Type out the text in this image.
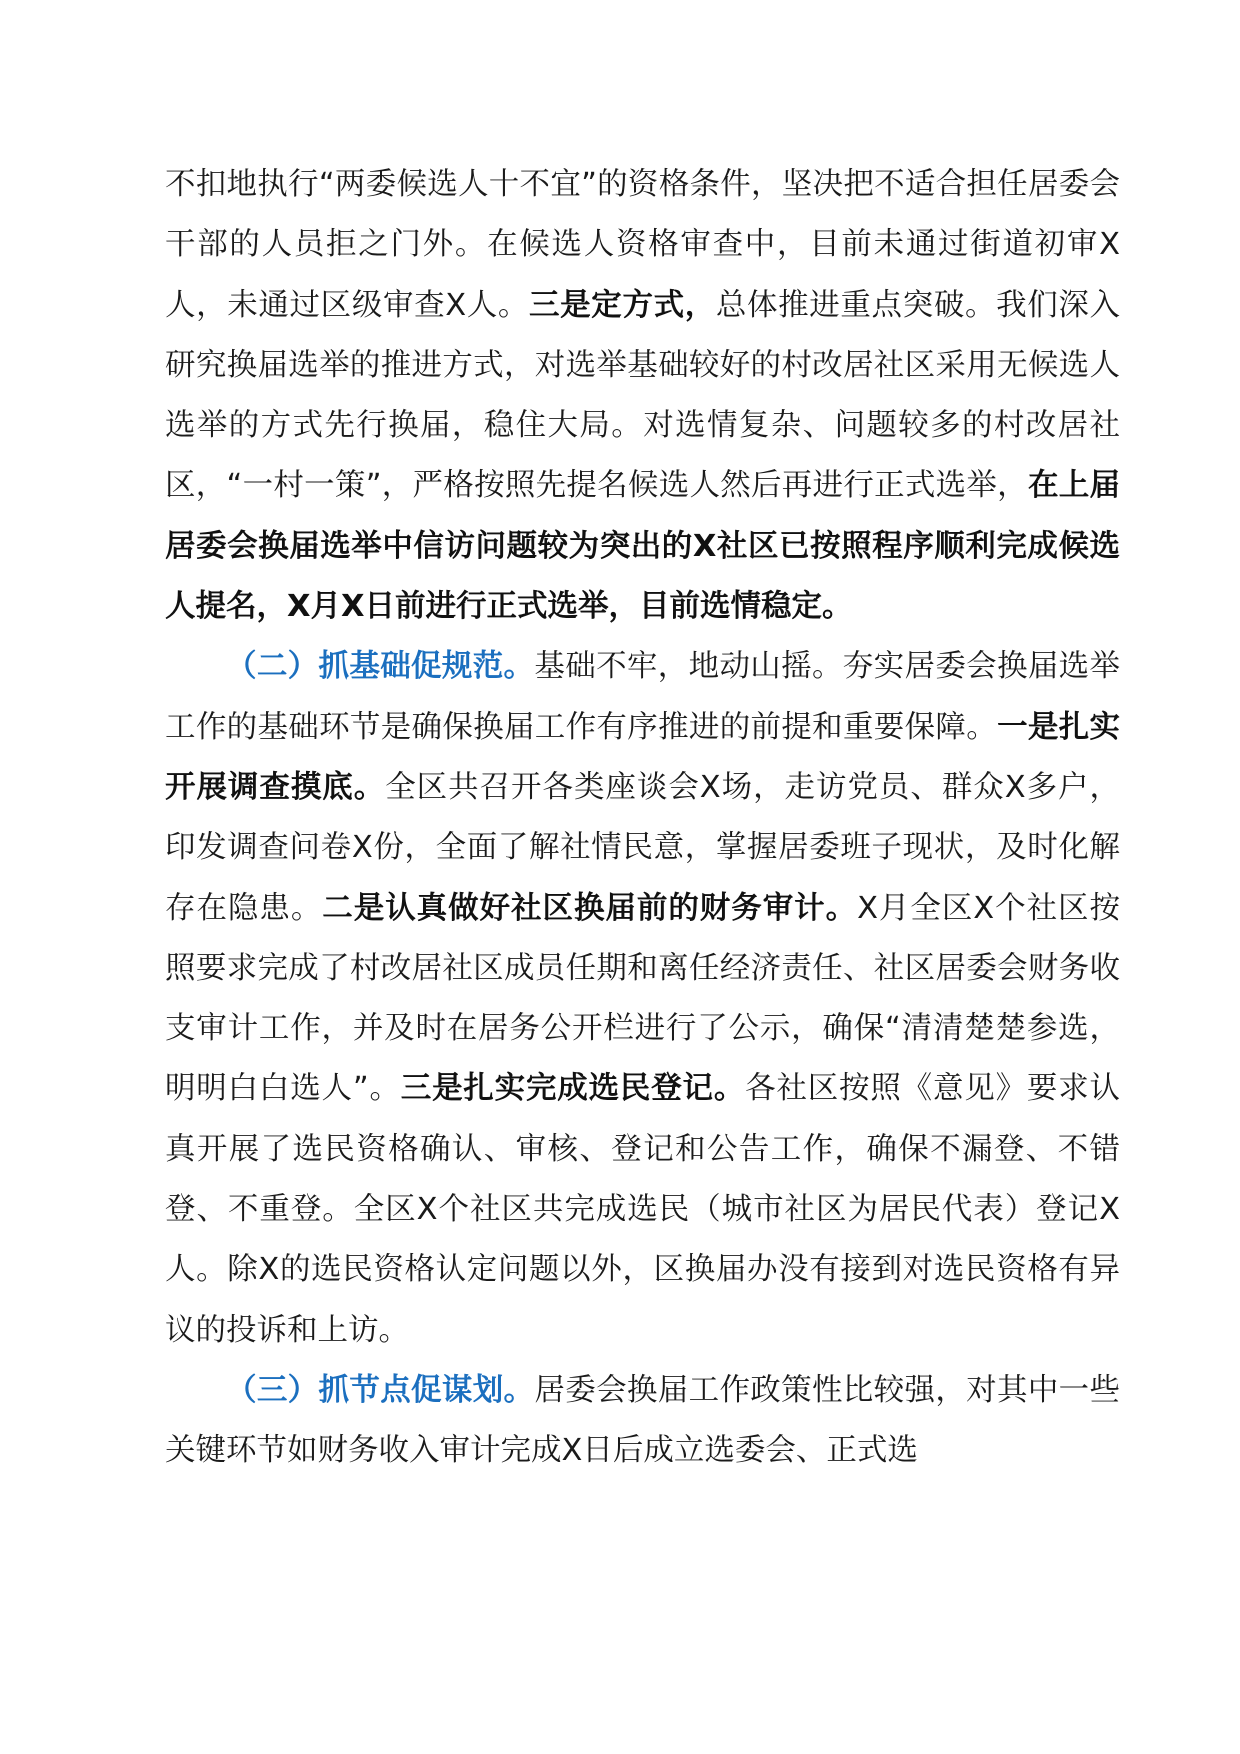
不扣地执行“两委候选人十不宜”的资格条件，坚决把不适合担任居委会干部的人员拒之门外。在候选人资格审查中，目前未通过街道初审X人，未通过区级审查X人。三是定方式，总体推进重点突破。我们深入研究换届选举的推进方式，对选举基础较好的村改居社区采用无候选人选举的方式先行换届，稳住大局。对选情复杂、问题较多的村改居社区，“一村一策”，严格按照先提名候选人然后再进行正式选举，在上届居委会换届选举中信访问题较为突出的X社区已按照程序顺利完成候选人提名，X月X日前进行正式选举，目前选情稳定。

（二）抓基础促规范。基础不牢，地动山摇。夯实居委会换届选举工作的基础环节是确保换届工作有序推进的前提和重要保障。一是扎实开展调查摸底。全区共召开各类座谈会X场，走访党员、群众X多户，印发调查问卷X份，全面了解社情民意，掌握居委班子现状，及时化解存在隐患。二是认真做好社区换届前的财务审计。X月全区X个社区按照要求完成了村改居社区成员任期和离任经济责任、社区居委会财务收支审计工作，并及时在居务公开栏进行了公示，确保“清清楚楚参选，明明白白选人”。三是扎实完成选民登记。各社区按照《意见》要求认真开展了选民资格确认、审核、登记和公告工作，确保不漏登、不错登、不重登。全区X个社区共完成选民（城市社区为居民代表）登记X人。除X的选民资格认定问题以外，区换届办没有接到对选民资格有异议的投诉和上访。

（三）抓节点促谋划。居委会换届工作政策性比较强，对其中一些关键环节如财务收入审计完成X日后成立选委会、正式选
